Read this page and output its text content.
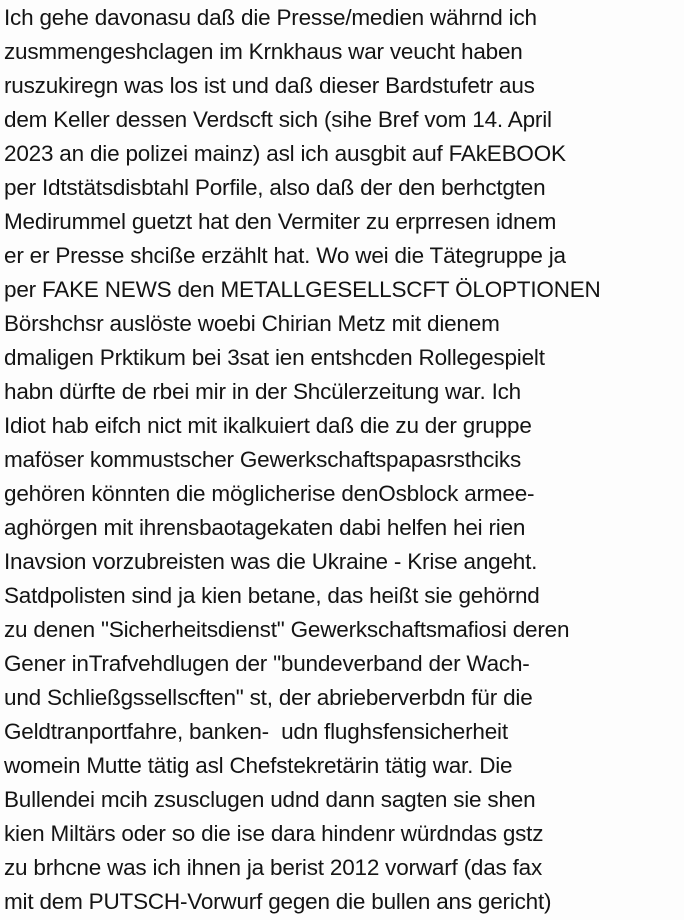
Ich gehe davonasu daß die Presse/medien währnd ich
zusmmengeshclagen im Krnkhaus war veucht haben
ruszukiregn was los ist und daß dieser Bardstufetr aus
dem Keller dessen Verdscft sich (sihe Bref vom 14. April
2023 an die polizei mainz) asl ich ausgbit auf FAkEBOOK
per Idtstätsdisbtahl Porfile, also daß der den berhctgten
Medirummel guetzt hat den Vermiter zu erprresen idnem
er er Presse shciße erzählt hat. Wo wei die Tätegruppe ja
per FAKE NEWS den METALLGESELLSCFT ÖLOPTIONEN
Börshchsr auslöste woebi Chirian Metz mit dienem
dmaligen Prktikum bei 3sat ien entshcden Rollegespielt
habn dürfte de rbei mir in der Shcülerzeitung war. Ich
Idiot hab eifch nict mit ikalkuiert daß die zu der gruppe
maföser kommustscher Gewerkschaftspapasrsthciks
gehören könnten die möglicherise denOsblock armee-
aghörgen mit ihrensbaotagekaten dabi helfen hei rien
Inavsion vorzubreisten was die Ukraine - Krise angeht.
Satdpolisten sind ja kien betane, das heißt sie gehörnd
zu denen "Sicherheitsdienst" Gewerkschaftsmafiosi deren
Gener inTrafvehdlugen der "bundeverband der Wach-
und Schließgssellscften" st, der abrieberverbdn für die
Geldtranportfahre, banken-  udn flughsfensicherheit
womein Mutte tätig asl Chefstekretärin tätig war. Die
Bullendei mcih zsusclugen udnd dann sagten sie shen
kien Miltärs oder so die ise dara hindenr würdndas gstz
zu brhcne was ich ihnen ja berist 2012 vorwarf (das fax
mit dem PUTSCH-Vorwurf gegen die bullen ans gericht)
